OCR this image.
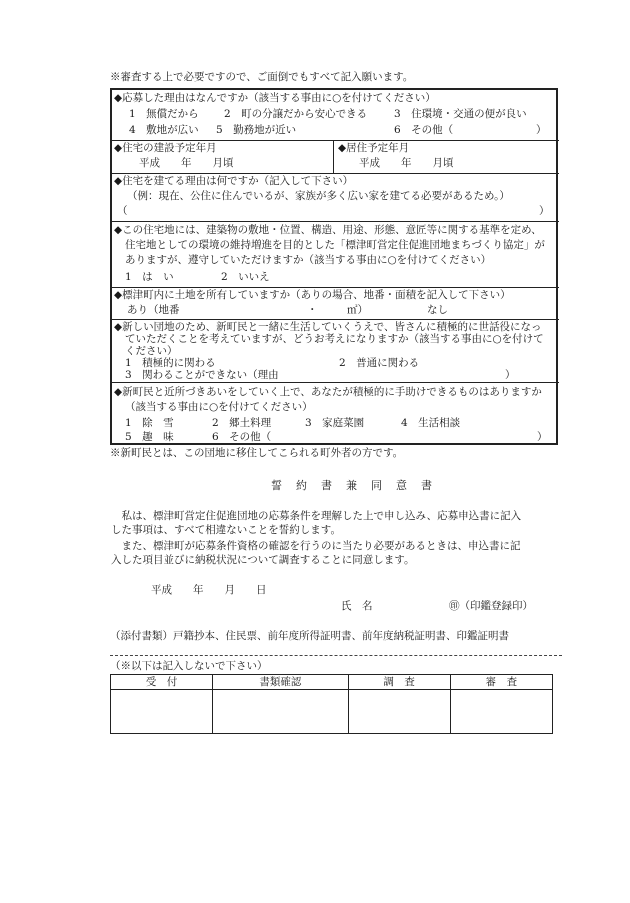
※審査する上で必要ですので、ご面倒でもすべて記入願います。
◆応募した理由はなんですか（該当する事由に○を付けてください）
1　無償だから 2　町の分譲だから安心できる	3　住環境・交通の便が良い
4　敷地が広い 5　勤務地が近い	6　その他（	）
◆住宅の建設予定年月
平成　　年　　月頃
◆居住予定年月
平成　　年　　月頃
◆住宅を建てる理由は何ですか（記入して下さい）
（例：現在、公住に住んでいるが、家族が多く広い家を建てる必要があるため。）
（	）
◆この住宅地には、建築物の敷地・位置、構造、用途、形態、意匠等に関する基準を定め、
住宅地としての環境の維持増進を目的とした「標津町営定住促進団地まちづくり協定」が
ありますが、遵守していただけますか（該当する事由に○を付けてください）
1　は　い	2　いいえ
◆標津町内に土地を所有していますか（ありの場合、地番・面積を記入して下さい）
あり（地番	・	㎡）	なし
◆新しい団地のため、新町民と一緒に生活していくうえで、皆さんに積極的に世話役になっ
ていただくことを考えていますが、どうお考えになりますか（該当する事由に○を付けて
ください）
1　積極的に関わる	2　普通に関わる
3　関わることができない（理由	）
◆新町民と近所づきあいをしていく上で、あなたが積極的に手助けできるものはありますか
（該当する事由に○を付けてください）
1　除　雪	2　郷土料理	3　家庭菜園	4　生活相談
5　趣　味	6　その他（	）
※新町民とは、この団地に移住してこられる町外者の方です。
誓約書兼同意書
　私は、標津町営定住促進団地の応募条件を理解した上で申し込み、応募申込書に記入
した事項は、すべて相違ないことを誓約します。
　また、標津町が応募条件資格の確認を行うのに当たり必要があるときは、申込書に記
入した項目並びに納税状況について調査することに同意します。
平成　　年　　月　　日
氏　名	㊞（印鑑登録印）
（添付書類）戸籍抄本、住民票、前年度所得証明書、前年度納税証明書、印鑑証明書
（※以下は記入しないで下さい）
受　付	書類確認	調　査	審　査
